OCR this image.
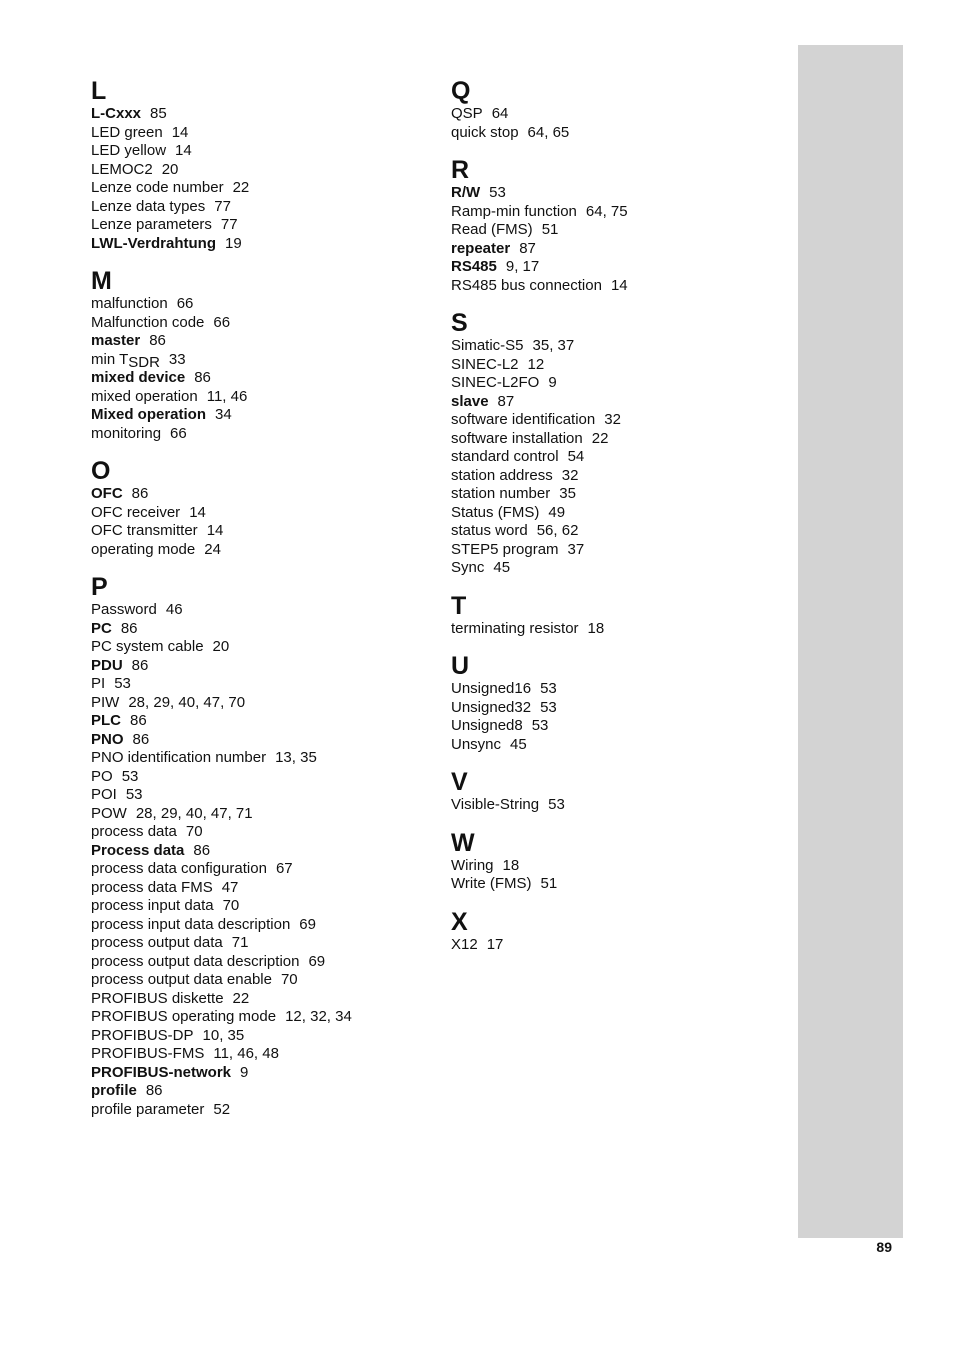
L
L-Cxxx 85
LED green 14
LED yellow 14
LEMOC2 20
Lenze code number 22
Lenze data types 77
Lenze parameters 77
LWL-Verdrahtung 19
M
malfunction 66
Malfunction code 66
master 86
$\min T_{SDR}$ 33
mixed device 86
mixed operation 11, 46
Mixed operation 34
monitoring 66
O
OFC 86
OFC receiver 14
OFC transmitter 14
operating mode 24
P
Password 46
PC 86
PC system cable 20
PDU 86
PI 53
PIW 28, 29, 40, 47, 70
PLC 86
PNO 86
PNO identification number 13, 35
PO 53
POI 53
POW 28, 29, 40, 47, 71
process data 70
Process data 86
process data configuration 67
process data FMS 47
process input data 70
process input data description 69
process output data 71
process output data description 69
process output data enable 70
PROFIBUS diskette 22
PROFIBUS operating mode 12, 32, 34
PROFIBUS-DP 10, 35
PROFIBUS-FMS 11, 46, 48
PROFIBUS-network 9
profile 86
profile parameter 52
Q
QSP 64
quick stop 64, 65
R
R/W 53
Ramp-min function 64, 75
Read (FMS) 51
repeater 87
RS485 9, 17
RS485 bus connection 14
S
Simatic-S5 35, 37
SINEC-L2 12
SINEC-L2FO 9
slave 87
software identification 32
software installation 22
standard control 54
station address 32
station number 35
Status (FMS) 49
status word 56, 62
STEP5 program 37
Sync 45
T
terminating resistor 18
U
Unsigned16 53
Unsigned32 53
Unsigned8 53
Unsync 45
V
Visible-String 53
W
Wiring 18
Write (FMS) 51
X
X12 17
89
